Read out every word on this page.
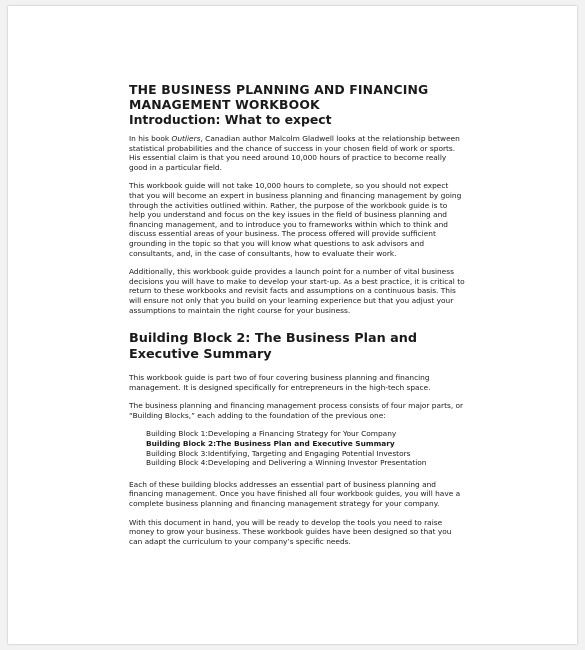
THE BUSINESS PLANNING AND FINANCING MANAGEMENT WORKBOOK
Introduction: What to expect

In his book Outliers, Canadian author Malcolm Gladwell looks at the relationship between statistical probabilities and the chance of success in your chosen field of work or sports. His essential claim is that you need around 10,000 hours of practice to become really good in a particular field.

This workbook guide will not take 10,000 hours to complete, so you should not expect that you will become an expert in business planning and financing management by going through the activities outlined within. Rather, the purpose of the workbook guide is to help you understand and focus on the key issues in the field of business planning and financing management, and to introduce you to frameworks within which to think and discuss essential areas of your business. The process offered will provide sufficient grounding in the topic so that you will know what questions to ask advisors and consultants, and, in the case of consultants, how to evaluate their work.

Additionally, this workbook guide provides a launch point for a number of vital business decisions you will have to make to develop your start-up. As a best practice, it is critical to return to these workbooks and revisit facts and assumptions on a continuous basis. This will ensure not only that you build on your learning experience but that you adjust your assumptions to maintain the right course for your business.

Building Block 2: The Business Plan and Executive Summary

This workbook guide is part two of four covering business planning and financing management. It is designed specifically for entrepreneurs in the high-tech space.

The business planning and financing management process consists of four major parts, or “Building Blocks,” each adding to the foundation of the previous one:

Building Block 1:Developing a Financing Strategy for Your Company
Building Block 2:The Business Plan and Executive Summary
Building Block 3:Identifying, Targeting and Engaging Potential Investors
Building Block 4:Developing and Delivering a Winning Investor Presentation

Each of these building blocks addresses an essential part of business planning and financing management. Once you have finished all four workbook guides, you will have a complete business planning and financing management strategy for your company.

With this document in hand, you will be ready to develop the tools you need to raise money to grow your business. These workbook guides have been designed so that you can adapt the curriculum to your company’s specific needs.
